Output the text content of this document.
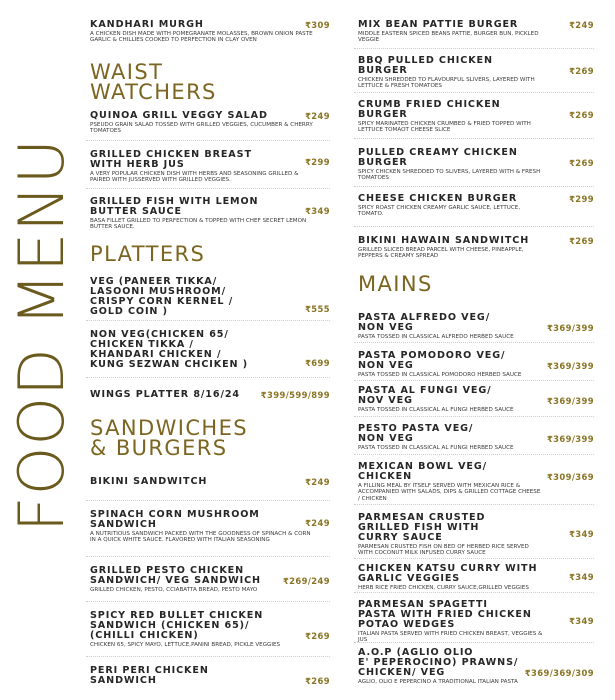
FOOD MENU
KANDHARI MURGH	₹309
A CHICKEN DISH MADE WITH POMEGRANATE MOLASSES, BROWN ONION PASTE GARLIC & CHILLIES COOKED TO PERFECTION IN CLAY OVEN
WAIST
WATCHERS
QUINOA GRILL VEGGY SALAD	₹249
PSEUDO GRAIN SALAD TOSSED WITH GRILLED VEGGIES, CUCUMBER & CHERRY TOMATOES
GRILLED CHICKEN BREAST
WITH HERB JUS	₹299
A VERY POPULAR CHICKEN DISH WITH HERBS AND SEASONING GRILLED & PAIRED WITH JUSSERVED WITH GRILLED VEGGIES.
GRILLED FISH WITH LEMON
BUTTER SAUCE	₹349
BASA FILLET GRILLED TO PERFECTION & TOPPED WITH CHEF SECRET LEMON BUTTER SAUCE.
PLATTERS
VEG (PANEER TIKKA/
LASOONI MUSHROOM/
CRISPY CORN KERNEL /
GOLD COIN )	₹555
NON VEG(CHICKEN 65/
CHICKEN TIKKA /
KHANDARI CHICKEN /
KUNG SEZWAN CHCIKEN )	₹699
WINGS PLATTER 8/16/24	₹399/599/899
SANDWICHES
& BURGERS
BIKINI SANDWITCH	₹249
SPINACH CORN MUSHROOM
SANDWICH	₹249
A NUTRITIOUS SANDWICH PACKED WITH THE GOODNESS OF SPINACH & CORN IN A QUICK WHITE SAUCE. FLAVORED WITH ITALIAN SEASONING
GRILLED PESTO CHICKEN
SANDWICH/ VEG SANDWICH	₹269/249
GRILLED CHICKEN, PESTO, CCIABATTA BREAD, PESTO MAYO
SPICY RED BULLET CHICKEN
SANDWICH (CHICKEN 65)/
(CHILLI CHICKEN)	₹269
CHICKEN 65, SPICY MAYO, LETTUCE,PANINI BREAD, PICKLE VEGGIES
PERI PERI CHICKEN
SANDWICH	₹269
MIX BEAN PATTIE BURGER	₹249
MIDDLE EASTERN SPICED BEANS PATTIE, BURGER BUN, PICKLED VEGGIE
BBQ PULLED CHICKEN
BURGER	₹269
CHICKEN SHREDDED TO FLAVOURFUL SLIVERS, LAYERED WITH LETTUCE & FRESH TOMATOES
CRUMB FRIED CHICKEN
BURGER	₹269
SPICY MARINATED CHICKEN CRUMBED & FRIED TOPPED WITH LETTUCE TOMAOT CHEESE SLICE
PULLED CREAMY CHICKEN
BURGER	₹269
SPICY CHICKEN SHREDDED TO SLIVERS, LAYERED WITH & FRESH TOMATOES
CHEESE CHICKEN BURGER	₹299
SPICY ROAST CHICKEN CREAMY GARLIC SAUCE, LETTUCE, TOMATO.
BIKINI HAWAIN SANDWITCH	₹269
GRILLED SLICED BREAD PARCEL WITH CHEESE, PINEAPPLE, PEPPERS & CREAMY SPREAD
MAINS
PASTA ALFREDO VEG/
NON VEG	₹369/399
PASTA TOSSED IN CLASSICAL ALFREDO HERBED SAUCE
PASTA POMODORO VEG/
NON VEG	₹369/399
PASTA TOSSED IN CLASSICAL POMODORO HERBED SAUCE
PASTA AL FUNGI VEG/
NOV VEG	₹369/399
PASTA TOSSED IN CLASSICAL AL FUNGI HERBED SAUCE
PESTO PASTA VEG/
NON VEG	₹369/399
PASTA TOSSED IN CLASSICAL AL FUNGI HERBED SAUCE
MEXICAN BOWL VEG/
CHICKEN	₹309/369
A FILLING MEAL BY ITSELF SERVED WITH MEXICAN RICE & ACCOMPANIED WITH SALADS, DIPS & GRILLED COTTAGE CHEESE / CHICKEN
PARMESAN CRUSTED
GRILLED FISH WITH
CURRY SAUCE	₹349
PARMESAN CRUSTED FISH ON BED OF HERBED RICE SERVED WITH COCONUT MILK INFUSED CURRY SAUCE
CHICKEN KATSU CURRY WITH
GARLIC VEGGIES	₹349
HERB RICE FRIED CHICKEN, CURRY SAUCE,GRILLED VEGGIES
PARMESAN SPAGETTI
PASTA WITH FRIED CHICKEN
POTAO WEDGES	₹349
ITALIAN PASTA SERVED WITH FRIED CHICKEN BREAST, VEGGIES & JUS
A.O.P (AGLIO OLIO
E' PEPEROCINO) PRAWNS/
CHICKEN/ VEG	₹369/369/309
AGLIO, OLIO E PEPERCINO A TRADITIONAL ITALIAN PASTA
